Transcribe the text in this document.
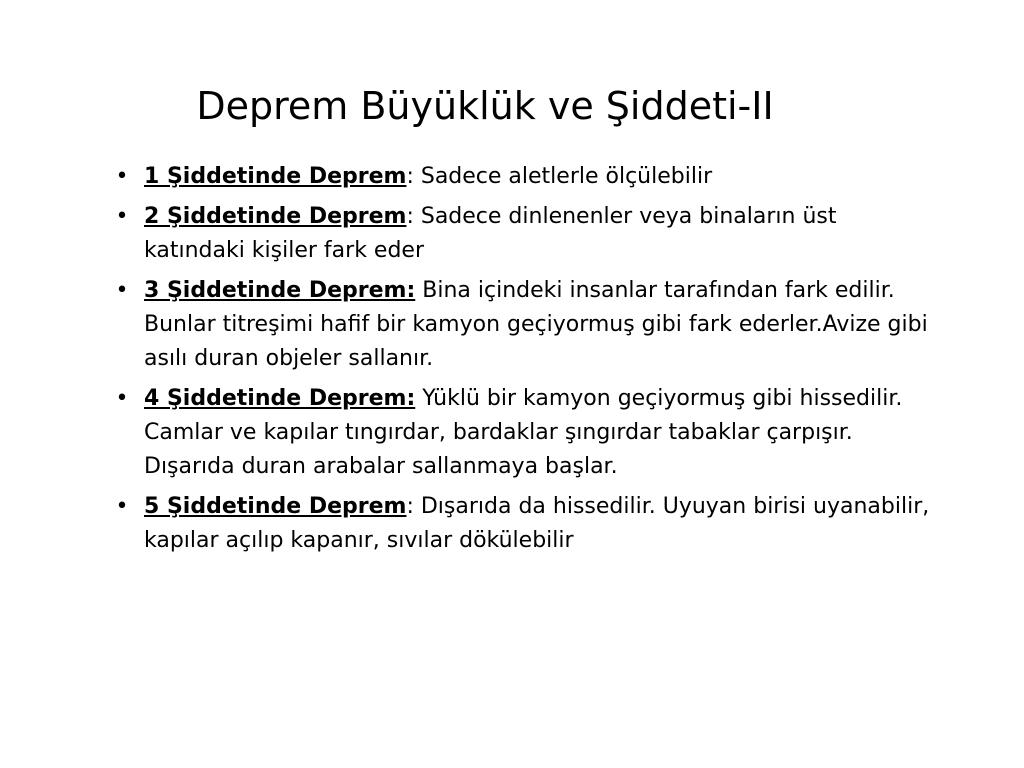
Deprem Büyüklük ve Şiddeti-II
• 1 Şiddetinde Deprem: Sadece aletlerle ölçülebilir
• 2 Şiddetinde Deprem: Sadece dinlenenler veya binaların üst katındaki kişiler fark eder
• 3 Şiddetinde Deprem: Bina içindeki insanlar tarafından fark edilir. Bunlar titreşimi hafif bir kamyon geçiyormuş gibi fark ederler.Avize gibi asılı duran objeler sallanır.
• 4 Şiddetinde Deprem: Yüklü bir kamyon geçiyormuş gibi hissedilir. Camlar ve kapılar tıngırdar, bardaklar şıngırdar tabaklar çarpışır. Dışarıda duran arabalar sallanmaya başlar.
• 5 Şiddetinde Deprem: Dışarıda da hissedilir. Uyuyan birisi uyanabilir, kapılar açılıp kapanır, sıvılar dökülebilir
